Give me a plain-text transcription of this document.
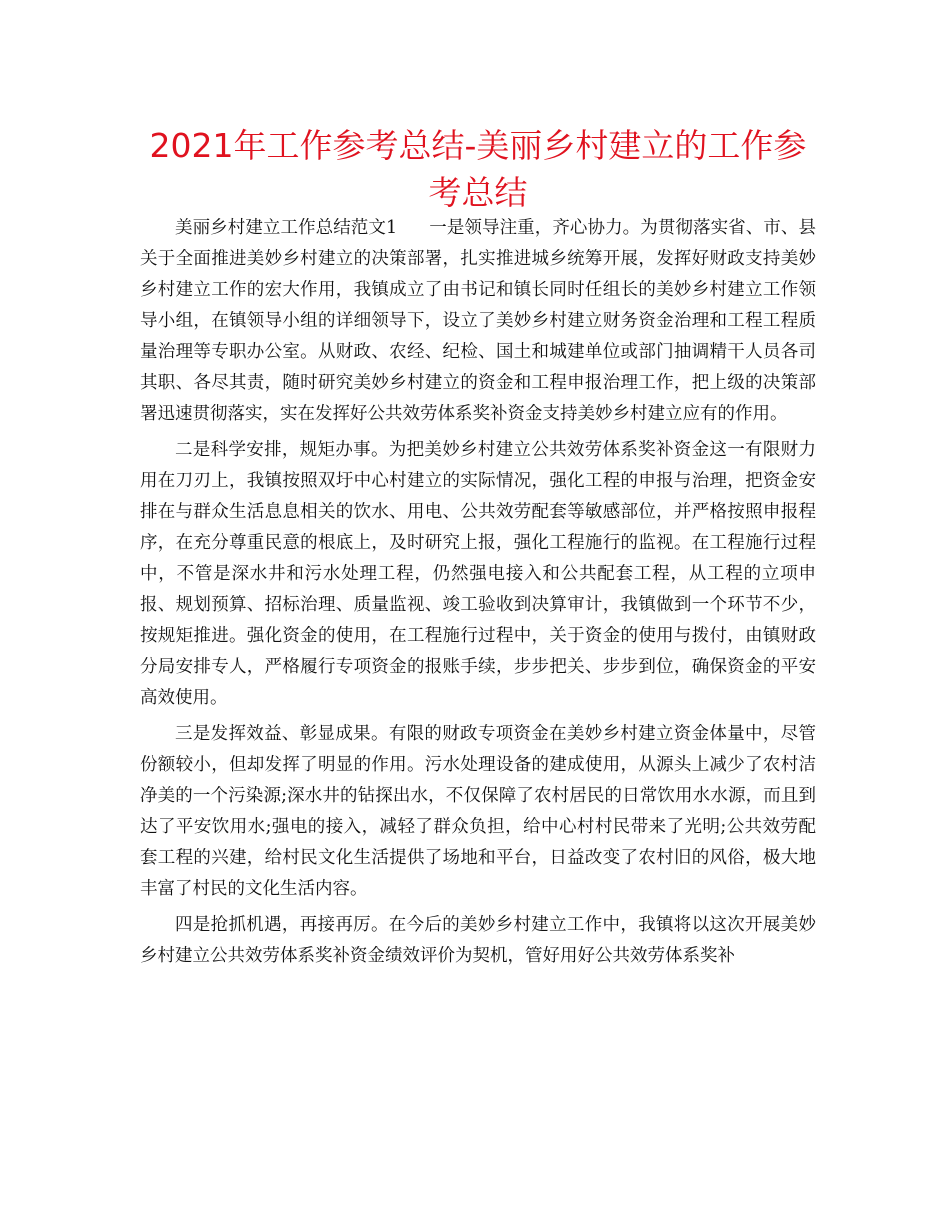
2021年工作参考总结-美丽乡村建立的工作参考总结

美丽乡村建立工作总结范文1 一是领导注重，齐心协力。为贯彻落实省、市、县关于全面推进美妙乡村建立的决策部署，扎实推进城乡统筹开展，发挥好财政支持美妙乡村建立工作的宏大作用，我镇成立了由书记和镇长同时任组长的美妙乡村建立工作领导小组，在镇领导小组的详细领导下，设立了美妙乡村建立财务资金治理和工程工程质量治理等专职办公室。从财政、农经、纪检、国土和城建单位或部门抽调精干人员各司其职、各尽其责，随时研究美妙乡村建立的资金和工程申报治理工作，把上级的决策部署迅速贯彻落实，实在发挥好公共效劳体系奖补资金支持美妙乡村建立应有的作用。

二是科学安排，规矩办事。为把美妙乡村建立公共效劳体系奖补资金这一有限财力用在刀刃上，我镇按照双圩中心村建立的实际情况，强化工程的申报与治理，把资金安排在与群众生活息息相关的饮水、用电、公共效劳配套等敏感部位，并严格按照申报程序，在充分尊重民意的根底上，及时研究上报，强化工程施行的监视。在工程施行过程中，不管是深水井和污水处理工程，仍然强电接入和公共配套工程，从工程的立项申报、规划预算、招标治理、质量监视、竣工验收到决算审计，我镇做到一个环节不少，按规矩推进。强化资金的使用，在工程施行过程中，关于资金的使用与拨付，由镇财政分局安排专人，严格履行专项资金的报账手续，步步把关、步步到位，确保资金的平安高效使用。

三是发挥效益、彰显成果。有限的财政专项资金在美妙乡村建立资金体量中，尽管份额较小，但却发挥了明显的作用。污水处理设备的建成使用，从源头上减少了农村洁净美的一个污染源;深水井的钻探出水，不仅保障了农村居民的日常饮用水水源，而且到达了平安饮用水;强电的接入，减轻了群众负担，给中心村村民带来了光明;公共效劳配套工程的兴建，给村民文化生活提供了场地和平台，日益改变了农村旧的风俗，极大地丰富了村民的文化生活内容。

四是抢抓机遇，再接再厉。在今后的美妙乡村建立工作中，我镇将以这次开展美妙乡村建立公共效劳体系奖补资金绩效评价为契机，管好用好公共效劳体系奖补
